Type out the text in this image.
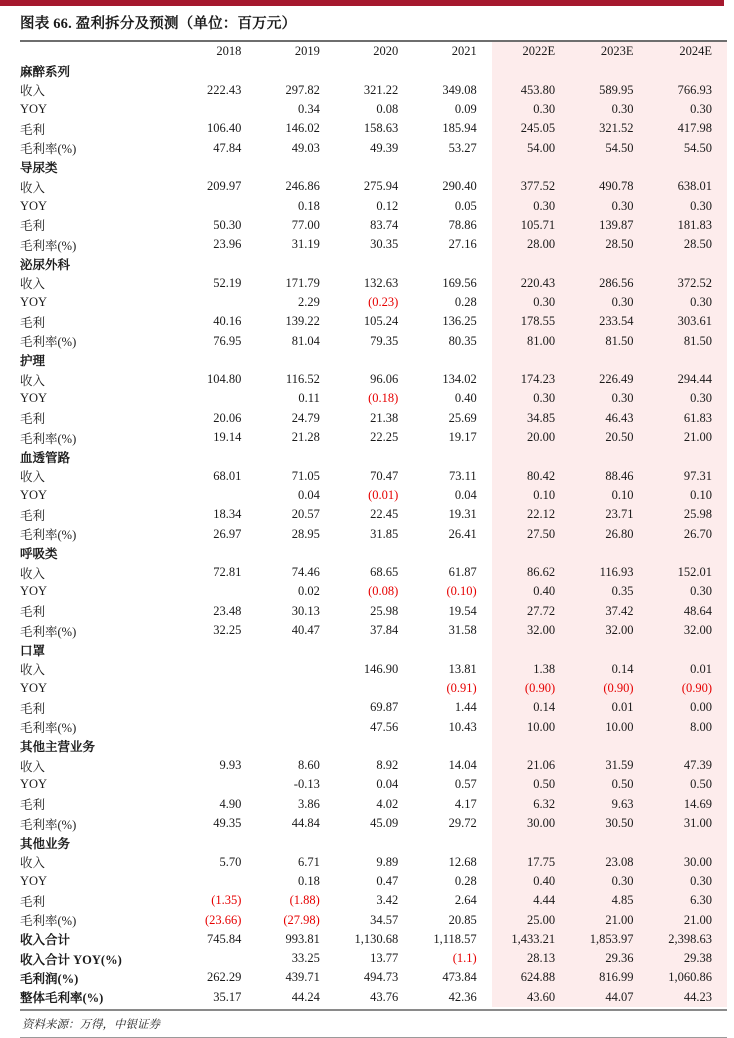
图表 66. 盈利拆分及预测（单位：百万元）
	2018	2019	2020	2021	2022E	2023E	2024E
麻醉系列							
收入	222.43	297.82	321.22	349.08	453.80	589.95	766.93
YOY		0.34	0.08	0.09	0.30	0.30	0.30
毛利	106.40	146.02	158.63	185.94	245.05	321.52	417.98
毛利率(%)	47.84	49.03	49.39	53.27	54.00	54.50	54.50
导尿类							
收入	209.97	246.86	275.94	290.40	377.52	490.78	638.01
YOY		0.18	0.12	0.05	0.30	0.30	0.30
毛利	50.30	77.00	83.74	78.86	105.71	139.87	181.83
毛利率(%)	23.96	31.19	30.35	27.16	28.00	28.50	28.50
泌尿外科							
收入	52.19	171.79	132.63	169.56	220.43	286.56	372.52
YOY		2.29	(0.23)	0.28	0.30	0.30	0.30
毛利	40.16	139.22	105.24	136.25	178.55	233.54	303.61
毛利率(%)	76.95	81.04	79.35	80.35	81.00	81.50	81.50
护理							
收入	104.80	116.52	96.06	134.02	174.23	226.49	294.44
YOY		0.11	(0.18)	0.40	0.30	0.30	0.30
毛利	20.06	24.79	21.38	25.69	34.85	46.43	61.83
毛利率(%)	19.14	21.28	22.25	19.17	20.00	20.50	21.00
血透管路							
收入	68.01	71.05	70.47	73.11	80.42	88.46	97.31
YOY		0.04	(0.01)	0.04	0.10	0.10	0.10
毛利	18.34	20.57	22.45	19.31	22.12	23.71	25.98
毛利率(%)	26.97	28.95	31.85	26.41	27.50	26.80	26.70
呼吸类							
收入	72.81	74.46	68.65	61.87	86.62	116.93	152.01
YOY		0.02	(0.08)	(0.10)	0.40	0.35	0.30
毛利	23.48	30.13	25.98	19.54	27.72	37.42	48.64
毛利率(%)	32.25	40.47	37.84	31.58	32.00	32.00	32.00
口罩							
收入			146.90	13.81	1.38	0.14	0.01
YOY				(0.91)	(0.90)	(0.90)	(0.90)
毛利			69.87	1.44	0.14	0.01	0.00
毛利率(%)			47.56	10.43	10.00	10.00	8.00
其他主营业务							
收入	9.93	8.60	8.92	14.04	21.06	31.59	47.39
YOY		-0.13	0.04	0.57	0.50	0.50	0.50
毛利	4.90	3.86	4.02	4.17	6.32	9.63	14.69
毛利率(%)	49.35	44.84	45.09	29.72	30.00	30.50	31.00
其他业务							
收入	5.70	6.71	9.89	12.68	17.75	23.08	30.00
YOY		0.18	0.47	0.28	0.40	0.30	0.30
毛利	(1.35)	(1.88)	3.42	2.64	4.44	4.85	6.30
毛利率(%)	(23.66)	(27.98)	34.57	20.85	25.00	21.00	21.00
收入合计	745.84	993.81	1,130.68	1,118.57	1,433.21	1,853.97	2,398.63
收入合计 YOY(%)		33.25	13.77	(1.1)	28.13	29.36	29.38
毛利润(%)	262.29	439.71	494.73	473.84	624.88	816.99	1,060.86
整体毛利率(%)	35.17	44.24	43.76	42.36	43.60	44.07	44.23
资料来源：万得，中银证券
